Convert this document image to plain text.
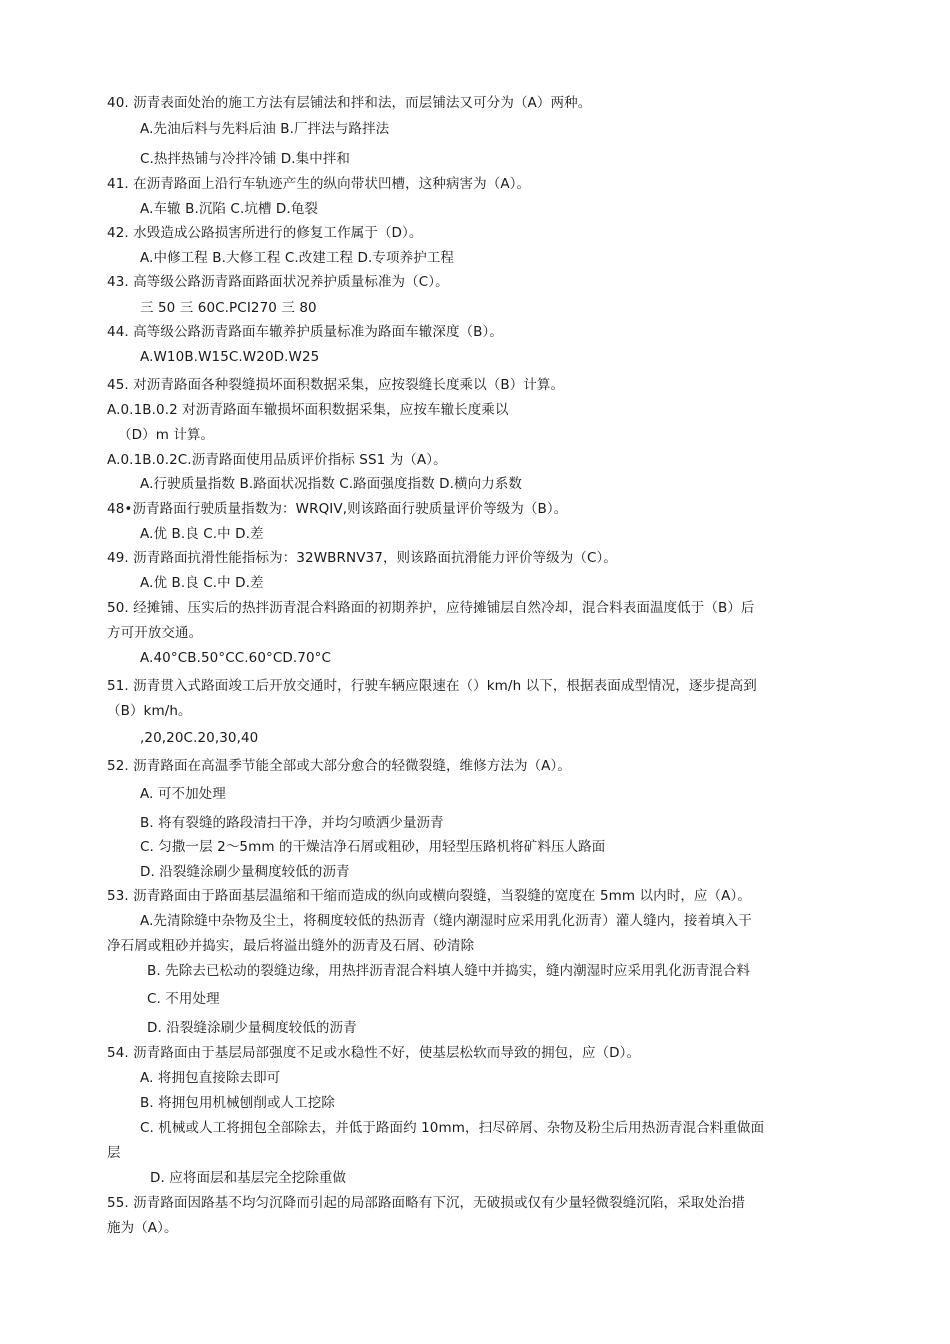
40. 沥青表面处治的施工方法有层铺法和拌和法，而层铺法又可分为（A）两种。
A.先油后料与先料后油 B.厂拌法与路拌法
C.热拌热铺与冷拌冷铺 D.集中拌和
41. 在沥青路面上沿行车轨迹产生的纵向带状凹槽，这种病害为（A）。
A.车辙 B.沉陷 C.坑槽 D.龟裂
42. 水毁造成公路损害所进行的修复工作属于（D）。
A.中修工程 B.大修工程 C.改建工程 D.专项养护工程
43. 高等级公路沥青路面路面状况养护质量标准为（C）。
三 50 三 60C.PCI270 三 80
44. 高等级公路沥青路面车辙养护质量标准为路面车辙深度（B）。
A.W10B.W15C.W20D.W25
45. 对沥青路面各种裂缝损坏面积数据采集，应按裂缝长度乘以（B）计算。
A.0.1B.0.2 对沥青路面车辙损坏面积数据采集，应按车辙长度乘以
（D）m 计算。
A.0.1B.0.2C.沥青路面使用品质评价指标 SS1 为（A）。
A.行驶质量指数 B.路面状况指数 C.路面强度指数 D.横向力系数
48•沥青路面行驶质量指数为：WRQIV,则该路面行驶质量评价等级为（B）。
A.优 B.良 C.中 D.差
49. 沥青路面抗滑性能指标为：32WBRNV37，则该路面抗滑能力评价等级为（C）。
A.优 B.良 C.中 D.差
50. 经摊铺、压实后的热拌沥青混合料路面的初期养护，应待摊铺层自然冷却，混合料表面温度低于（B）后
方可开放交通。
A.40°CB.50°CC.60°CD.70°C
51. 沥青贯入式路面竣工后开放交通时，行驶车辆应限速在（）km/h 以下，根据表面成型情况，逐步提高到
（B）km/h。
,20,20C.20,30,40
52. 沥青路面在高温季节能全部或大部分愈合的轻微裂缝，维修方法为（A）。
A. 可不加处理
B. 将有裂缝的路段清扫干净，并均匀喷洒少量沥青
C. 匀撒一层 2〜5mm 的干燥洁净石屑或粗砂，用轻型压路机将矿料压人路面
D. 沿裂缝涂刷少量稠度较低的沥青
53. 沥青路面由于路面基层温缩和干缩而造成的纵向或横向裂缝，当裂缝的宽度在 5mm 以内时，应（A）。
A.先清除缝中杂物及尘土，将稠度较低的热沥青（缝内潮湿时应采用乳化沥青）灌人缝内，接着填入干
净石屑或粗砂并捣实，最后将溢出缝外的沥青及石屑、砂清除
B. 先除去已松动的裂缝边缘，用热拌沥青混合料填人缝中并捣实，缝内潮湿时应采用乳化沥青混合料
C. 不用处理
D. 沿裂缝涂刷少量稠度较低的沥青
54. 沥青路面由于基层局部强度不足或水稳性不好，使基层松软而导致的拥包，应（D）。
A. 将拥包直接除去即可
B. 将拥包用机械刨削或人工挖除
C. 机械或人工将拥包全部除去，并低于路面约 10mm，扫尽碎屑、杂物及粉尘后用热沥青混合料重做面
层
D. 应将面层和基层完全挖除重做
55. 沥青路面因路基不均匀沉降而引起的局部路面略有下沉，无破损或仅有少量轻微裂缝沉陷，采取处治措
施为（A）。
